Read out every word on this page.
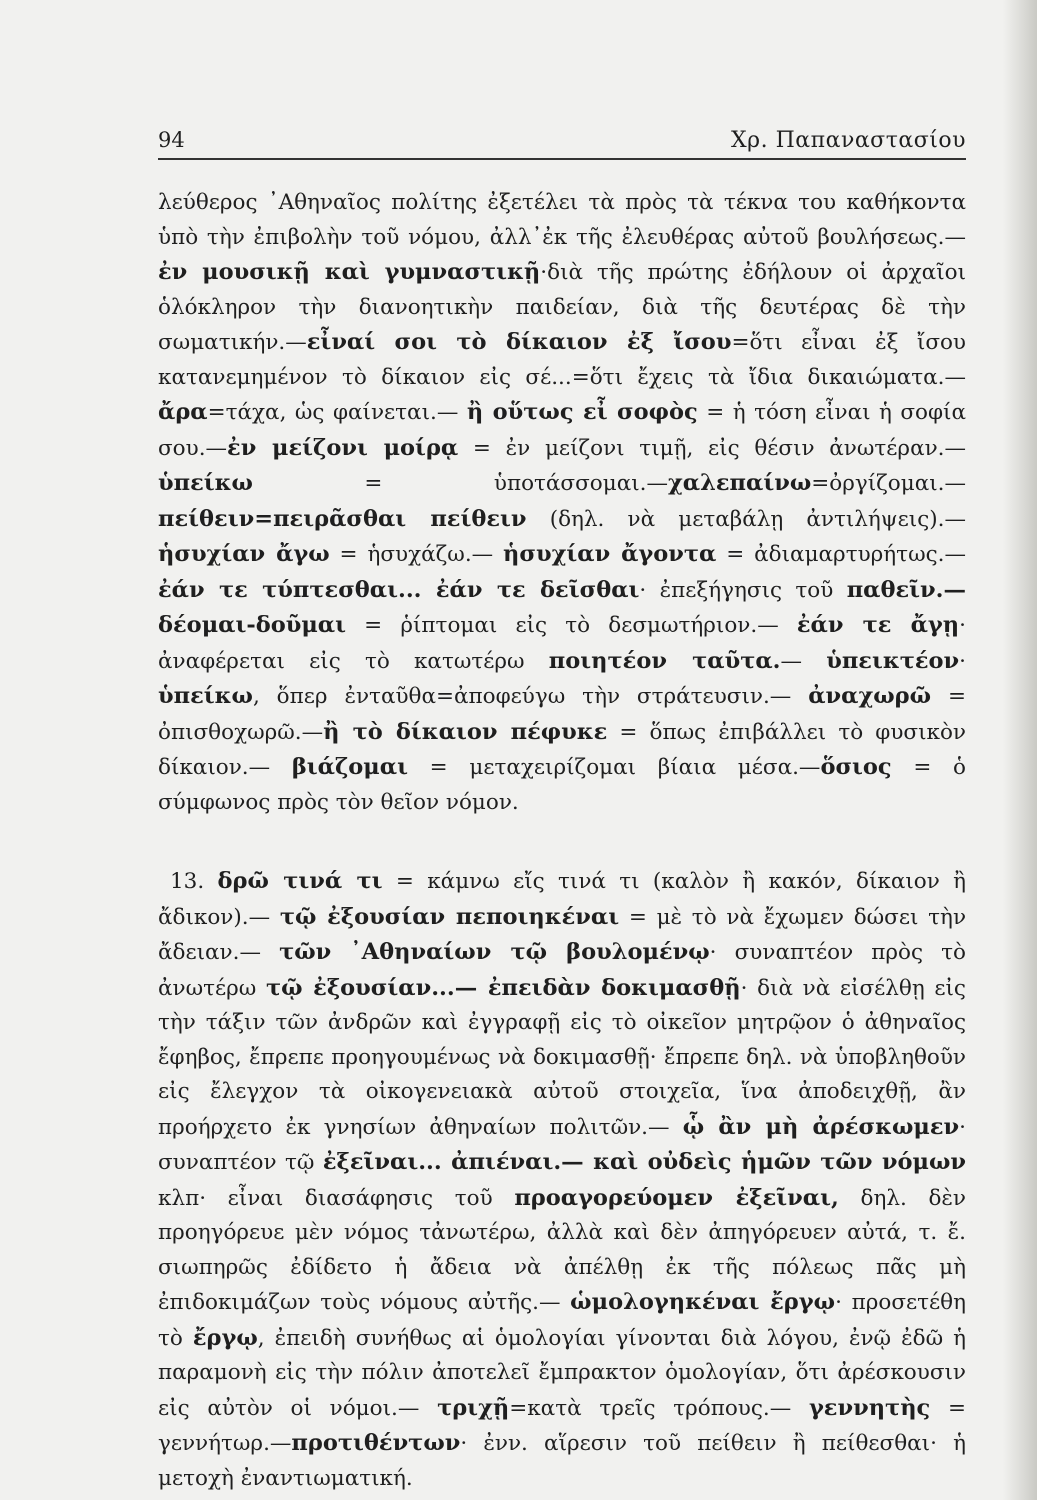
94	Χρ. Παπαναστασίου

λεύθερος ᾿Αθηναῖος πολίτης ἐξετέλει τὰ πρὸς τὰ τέκνα του καθήκοντα ὑπὸ τὴν ἐπιβολὴν τοῦ νόμου, ἀλλ᾿ἐκ τῆς ἐλευθέρας αὐτοῦ βουλήσεως.— ἐν μουσικῇ καὶ γυμναστικῇ·διὰ τῆς πρώτης ἐδήλουν οἱ ἀρχαῖοι ὁλόκληρον τὴν διανοητικὴν παιδείαν, διὰ τῆς δευτέρας δὲ τὴν σωματικήν.—εἶναί σοι τὸ δίκαιον ἐξ ἴσου=ὅτι εἶναι ἐξ ἴσου κατανεμημένον τὸ δίκαιον εἰς σέ...=ὅτι ἔχεις τὰ ἴδια δικαιώματα.—ἄρα=τάχα, ὡς φαίνεται.— ἢ οὕτως εἶ σοφὸς = ἡ τόση εἶναι ἡ σοφία σου.—ἐν μείζονι μοίρᾳ = ἐν μείζονι τιμῇ, εἰς θέσιν ἀνωτέραν.— ὑπείκω = ὑποτάσσομαι.—χαλεπαίνω=ὀργίζομαι.—πείθειν=πειρᾶσθαι πείθειν (δηλ. νὰ μεταβάλῃ ἀντιλήψεις).— ἡσυχίαν ἄγω = ἡσυχάζω.— ἡσυχίαν ἄγοντα = ἀδιαμαρτυρήτως.—ἐάν τε τύπτεσθαι... ἐάν τε δεῖσθαι· ἐπεξήγησις τοῦ παθεῖν.—δέομαι-δοῦμαι = ῥίπτομαι εἰς τὸ δεσμωτήριον.— ἐάν τε ἄγῃ· ἀναφέρεται εἰς τὸ κατωτέρω ποιητέον ταῦτα.— ὑπεικτέον· ὑπείκω, ὅπερ ἐνταῦθα=ἀποφεύγω τὴν στράτευσιν.— ἀναχωρῶ = ὀπισθοχωρῶ.—ἢ τὸ δίκαιον πέφυκε = ὅπως ἐπιβάλλει τὸ φυσικὸν δίκαιον.— βιάζομαι = μεταχειρίζομαι βίαια μέσα.—ὅσιος = ὁ σύμφωνος πρὸς τὸν θεῖον νόμον.

13. δρῶ τινά τι = κάμνω εἴς τινά τι (καλὸν ἢ κακόν, δίκαιον ἢ ἄδικον).— τῷ ἐξουσίαν πεποιηκέναι = μὲ τὸ νὰ ἔχωμεν δώσει τὴν ἄδειαν.— τῶν ᾿Αθηναίων τῷ βουλομένῳ· συναπτέον πρὸς τὸ ἀνωτέρω τῷ ἐξουσίαν...— ἐπειδὰν δοκιμασθῇ· διὰ νὰ εἰσέλθῃ εἰς τὴν τάξιν τῶν ἀνδρῶν καὶ ἐγγραφῇ εἰς τὸ οἰκεῖον μητρῷον ὁ ἀθηναῖος ἔφηβος, ἔπρεπε προηγουμένως νὰ δοκιμασθῇ· ἔπρεπε δηλ. νὰ ὑποβληθοῦν εἰς ἔλεγχον τὰ οἰκογενειακὰ αὐτοῦ στοιχεῖα, ἵνα ἀποδειχθῇ, ἂν προήρχετο ἐκ γνησίων ἀθηναίων πολιτῶν.— ᾧ ἂν μὴ ἀρέσκωμεν· συναπτέον τῷ ἐξεῖναι... ἀπιέναι.— καὶ οὐδεὶς ἡμῶν τῶν νόμων κλπ· εἶναι διασάφησις τοῦ προαγορεύομεν ἐξεῖναι, δηλ. δὲν προηγόρευε μὲν νόμος τἀνωτέρω, ἀλλὰ καὶ δὲν ἀπηγόρευεν αὐτά, τ. ἔ. σιωπηρῶς ἐδίδετο ἡ ἄδεια νὰ ἀπέλθῃ ἐκ τῆς πόλεως πᾶς μὴ ἐπιδοκιμάζων τοὺς νόμους αὐτῆς.— ὡμολογηκέναι ἔργῳ· προσετέθη τὸ ἔργῳ, ἐπειδὴ συνήθως αἱ ὁμολογίαι γίνονται διὰ λόγου, ἐνῷ ἐδῶ ἡ παραμονὴ εἰς τὴν πόλιν ἀποτελεῖ ἔμπρακτον ὁμολογίαν, ὅτι ἀρέσκουσιν εἰς αὐτὸν οἱ νόμοι.— τριχῇ=κατὰ τρεῖς τρόπους.— γεννητὴς = γεννήτωρ.—προτιθέντων· ἐνν. αἵρεσιν τοῦ πείθειν ἢ πείθεσθαι· ἡ μετοχὴ ἐναντιωματική.
